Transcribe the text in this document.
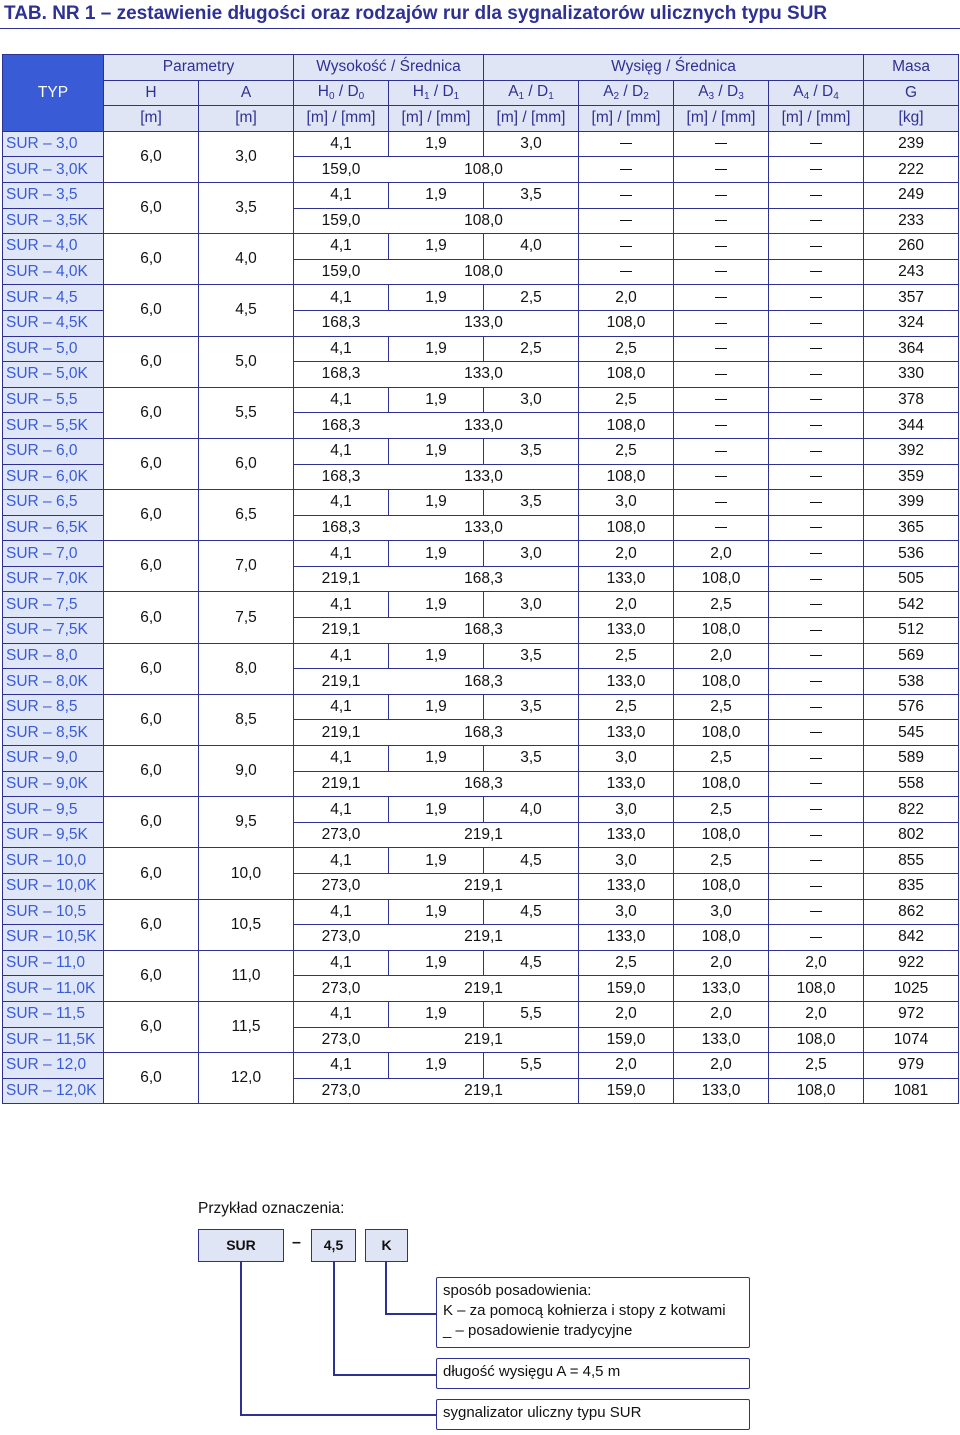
TAB. NR 1 – zestawienie długości oraz rodzajów rur dla sygnalizatorów ulicznych typu SUR
TYP	Parametry		Wysokość / Średnica		Wysięg / Średnica				Masa
	H	A	$H_0 / D_0$	$H_1 / D_1$	$A_1 / D_1$	$A_2 / D_2$	$A_3 / D_3$	$A_4 / D_4$	G
	[m]	[m]	[m] / [mm]	[m] / [mm]	[m] / [mm]	[m] / [mm]	[m] / [mm]	[m] / [mm]	[kg]
SUR – 3,0	6,0	3,0	4,1	1,9	3,0				239
SUR – 3,0K			159,0	108,0					222
SUR – 3,5	6,0	3,5	4,1	1,9	3,5				249
SUR – 3,5K			159,0	108,0					233
SUR – 4,0	6,0	4,0	4,1	1,9	4,0				260
SUR – 4,0K			159,0	108,0					243
SUR – 4,5	6,0	4,5	4,1	1,9	2,5	2,0			357
SUR – 4,5K			168,3	133,0		108,0			324
SUR – 5,0	6,0	5,0	4,1	1,9	2,5	2,5			364
SUR – 5,0K			168,3	133,0		108,0			330
SUR – 5,5	6,0	5,5	4,1	1,9	3,0	2,5			378
SUR – 5,5K			168,3	133,0		108,0			344
SUR – 6,0	6,0	6,0	4,1	1,9	3,5	2,5			392
SUR – 6,0K			168,3	133,0		108,0			359
SUR – 6,5	6,0	6,5	4,1	1,9	3,5	3,0			399
SUR – 6,5K			168,3	133,0		108,0			365
SUR – 7,0	6,0	7,0	4,1	1,9	3,0	2,0	2,0		536
SUR – 7,0K			219,1	168,3		133,0	108,0		505
SUR – 7,5	6,0	7,5	4,1	1,9	3,0	2,0	2,5		542
SUR – 7,5K			219,1	168,3		133,0	108,0		512
SUR – 8,0	6,0	8,0	4,1	1,9	3,5	2,5	2,0		569
SUR – 8,0K			219,1	168,3		133,0	108,0		538
SUR – 8,5	6,0	8,5	4,1	1,9	3,5	2,5	2,5		576
SUR – 8,5K			219,1	168,3		133,0	108,0		545
SUR – 9,0	6,0	9,0	4,1	1,9	3,5	3,0	2,5		589
SUR – 9,0K			219,1	168,3		133,0	108,0		558
SUR – 9,5	6,0	9,5	4,1	1,9	4,0	3,0	2,5		822
SUR – 9,5K			273,0	219,1		133,0	108,0		802
SUR – 10,0	6,0	10,0	4,1	1,9	4,5	3,0	2,5		855
SUR – 10,0K			273,0	219,1		133,0	108,0		835
SUR – 10,5	6,0	10,5	4,1	1,9	4,5	3,0	3,0		862
SUR – 10,5K			273,0	219,1		133,0	108,0		842
SUR – 11,0	6,0	11,0	4,1	1,9	4,5	2,5	2,0	2,0	922
SUR – 11,0K			273,0	219,1		159,0	133,0	108,0	1025
SUR – 11,5	6,0	11,5	4,1	1,9	5,5	2,0	2,0	2,0	972
SUR – 11,5K			273,0	219,1		159,0	133,0	108,0	1074
SUR – 12,0	6,0	12,0	4,1	1,9	5,5	2,0	2,0	2,5	979
SUR – 12,0K			273,0	219,1		159,0	133,0	108,0	1081
Przykład oznaczenia:
SUR	–	4,5	K
sposób posadowienia:
K – za pomocą kołnierza i stopy z kotwami
_ – posadowienie tradycyjne
długość wysięgu A = 4,5 m
sygnalizator uliczny typu SUR
